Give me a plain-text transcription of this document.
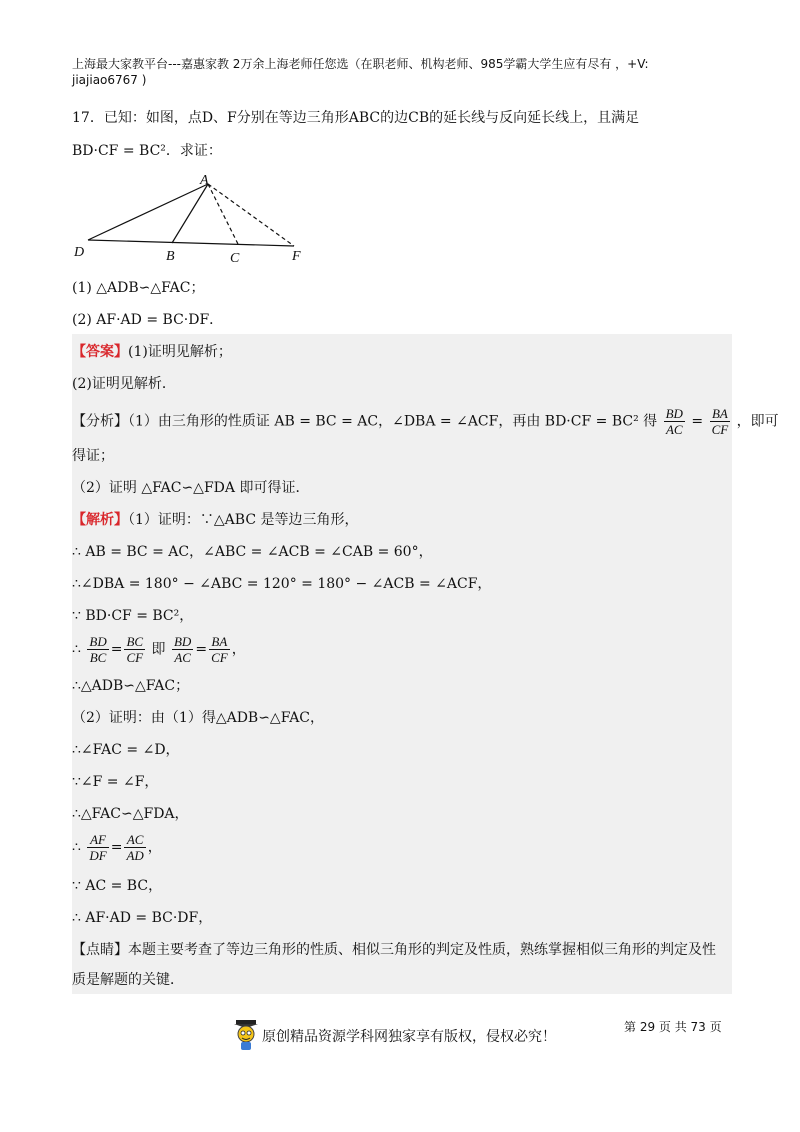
上海最大家教平台---嘉惠家教 2万余上海老师任您选（在职老师、机构老师、985学霸大学生应有尽有 ，+V:
jiajiao6767 )
17．已知：如图，点D、F分别在等边三角形ABC的边CB的延长线与反向延长线上，且满足
BD·CF = BC²．求证：
A
D	B	C	F
(1) △ADB∽△FAC；
(2) AF·AD = BC·DF．
【答案】(1)证明见解析；
(2)证明见解析．
【分析】（1）由三角形的性质证 AB = BC = AC，∠DBA = ∠ACF，再由 BD·CF = BC² 得 $\frac{BD}{AC} = \frac{BA}{CF}$ ，即可
得证；
（2）证明 △FAC∽△FDA 即可得证．
【解析】（1）证明：∵△ABC 是等边三角形，
∴ AB = BC = AC，∠ABC = ∠ACB = ∠CAB = 60°，
∴∠DBA = 180° − ∠ABC = 120° = 180° − ∠ACB = ∠ACF，
∵ BD·CF = BC²，
∴ $\frac{BD}{BC} = \frac{BC}{CF}$ 即 $\frac{BD}{AC} = \frac{BA}{CF}$ ，
∴△ADB∽△FAC；
（2）证明：由（1）得△ADB∽△FAC，
∴∠FAC = ∠D，
∵∠F = ∠F，
∴△FAC∽△FDA，
∴ $\frac{AF}{DF} = \frac{AC}{AD}$ ，
∵ AC = BC，
∴ AF·AD = BC·DF，
【点睛】本题主要考查了等边三角形的性质、相似三角形的判定及性质，熟练掌握相似三角形的判定及性
质是解题的关键．
原创精品资源学科网独家享有版权，侵权必究！
第 29 页 共 73 页
